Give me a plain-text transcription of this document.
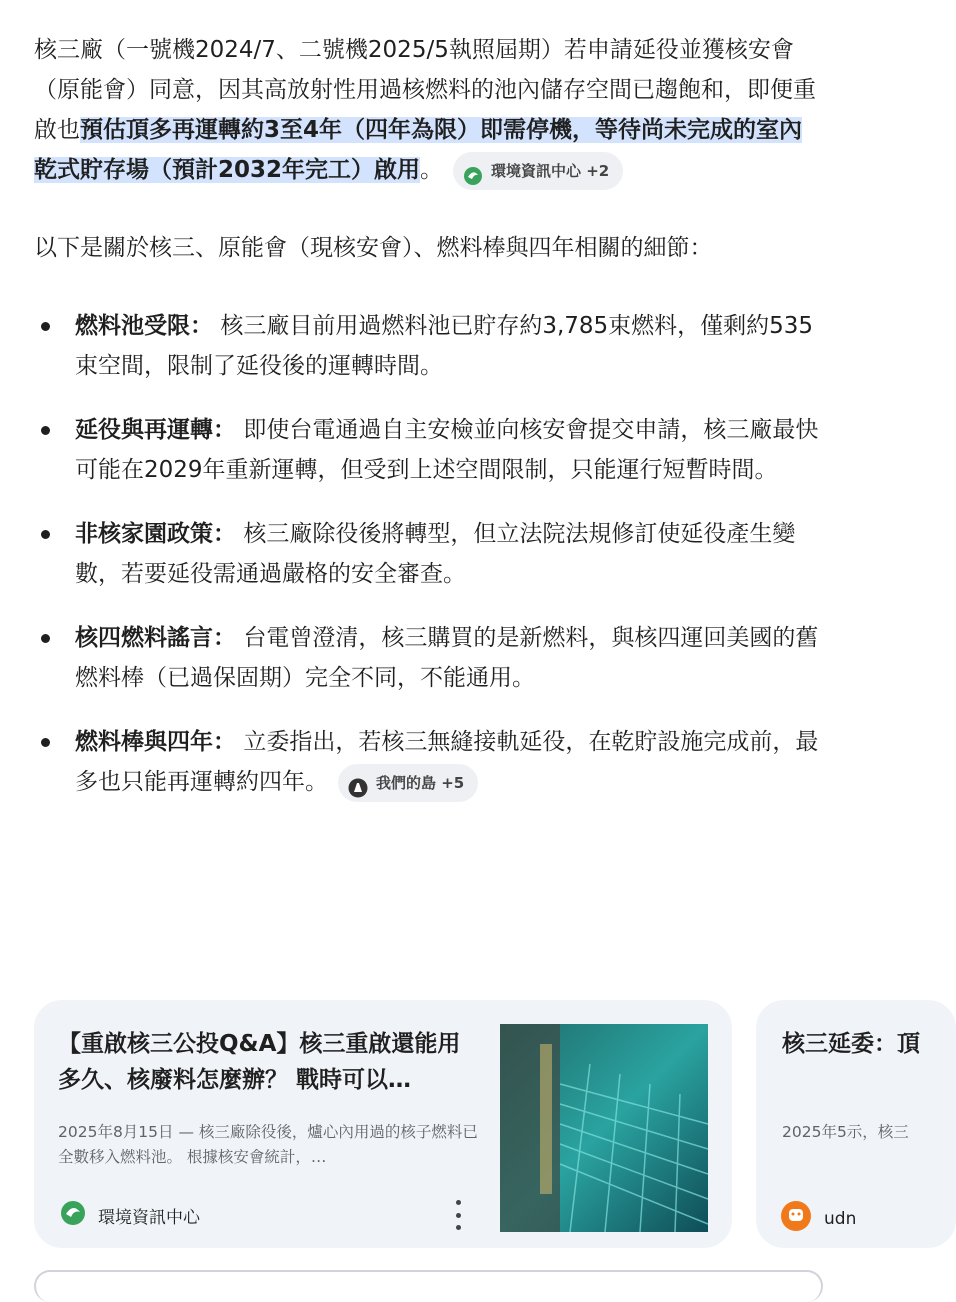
核三廠（一號機2024/7、二號機2025/5執照屆期）若申請延役並獲核安會（原能會）同意，因其高放射性用過核燃料的池內儲存空間已趨飽和，即便重啟也預估頂多再運轉約3至4年（四年為限）即需停機，等待尚未完成的室內乾式貯存場（預計2032年完工）啟用。	環境資訊中心 +2

以下是關於核三、原能會（現核安會）、燃料棒與四年相關的細節：

燃料池受限： 核三廠目前用過燃料池已貯存約3,785束燃料，僅剩約535束空間，限制了延役後的運轉時間。
延役與再運轉： 即使台電通過自主安檢並向核安會提交申請，核三廠最快可能在2029年重新運轉，但受到上述空間限制，只能運行短暫時間。
非核家園政策： 核三廠除役後將轉型，但立法院法規修訂使延役產生變數，若要延役需通過嚴格的安全審查。
核四燃料謠言： 台電曾澄清，核三購買的是新燃料，與核四運回美國的舊燃料棒（已過保固期）完全不同，不能通用。
燃料棒與四年： 立委指出，若核三無縫接軌延役，在乾貯設施完成前，最多也只能再運轉約四年。	我們的島 +5
【重啟核三公投Q&A】核三重啟還能用多久、核廢料怎麼辦？ 戰時可以…
2025年8月15日 — 核三廠除役後，爐心內用過的核子燃料已全數移入燃料池。 根據核安會統計，…
環境資訊中心
核三延委：頂
2025年5示，核三
udn
